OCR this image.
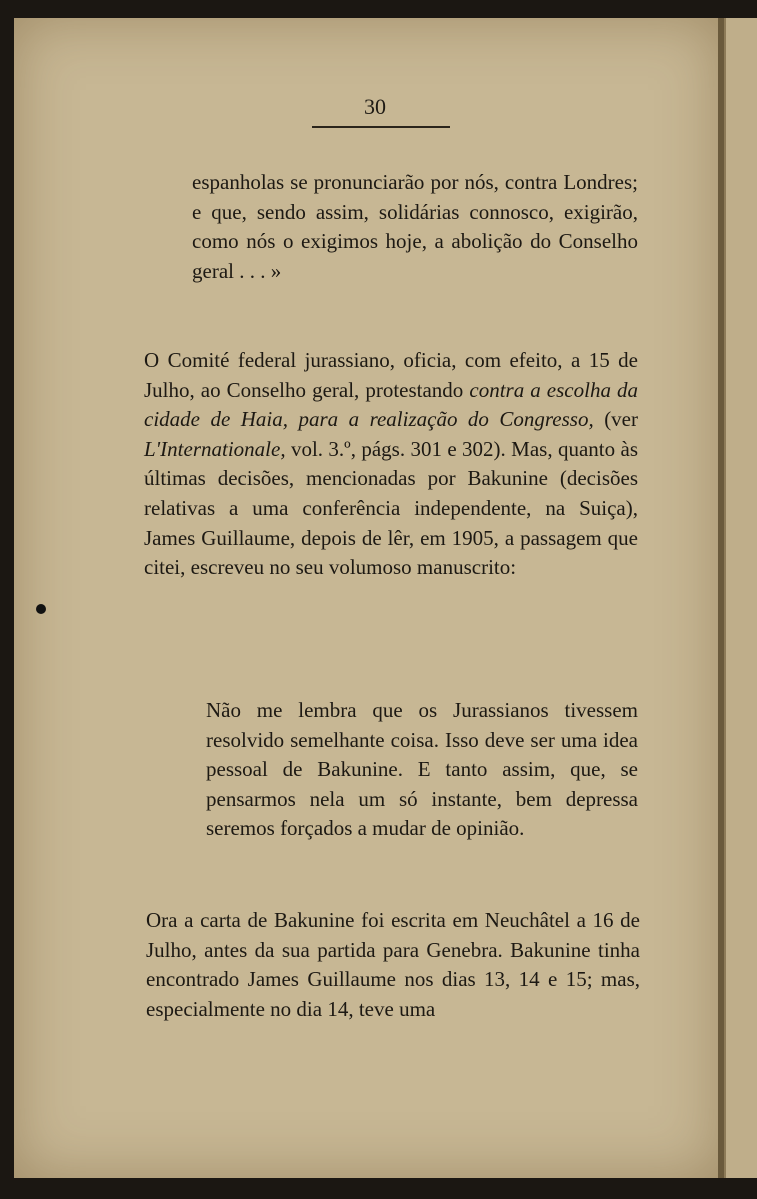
30

espanholas se pronunciarão por nós, contra Londres; e que, sendo assim, solidárias connosco, exigirão, como nós o exigimos hoje, a abolição do Conselho geral . . . »

O Comité federal jurassiano, oficia, com efeito, a 15 de Julho, ao Conselho geral, protestando contra a escolha da cidade de Haia, para a realização do Congresso, (ver L'Internationale, vol. 3.º, págs. 301 e 302). Mas, quanto às últimas decisões, mencionadas por Bakunine (decisões relativas a uma conferência independente, na Suiça), James Guillaume, depois de lêr, em 1905, a passagem que citei, escreveu no seu volumoso manuscrito:

Não me lembra que os Jurassianos tivessem resolvido semelhante coisa. Isso deve ser uma idea pessoal de Bakunine. E tanto assim, que, se pensarmos nela um só instante, bem depressa seremos forçados a mudar de opinião.

Ora a carta de Bakunine foi escrita em Neuchâtel a 16 de Julho, antes da sua partida para Genebra. Bakunine tinha encontrado James Guillaume nos dias 13, 14 e 15; mas, especialmente no dia 14, teve uma
